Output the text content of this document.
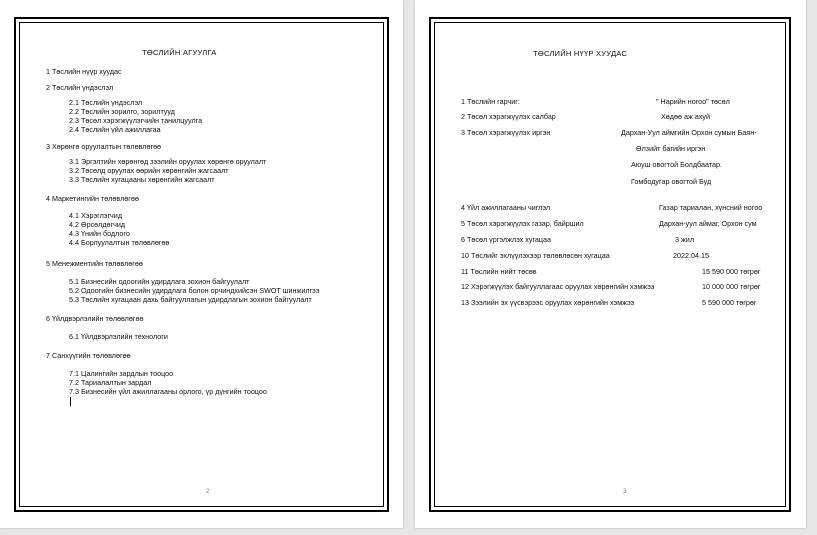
ТӨСЛИЙН АГУУЛГА
1 Төслийн нүүр хуудас
2 Төслийн үндэслэл
2.1 Төслийн үндэслэл
2.2 Төслийн зорилго, зорилтууд
2.3 Төсөл хэрэгжүүлэгчийн танилцуулга
2.4 Төслийн үйл ажиллагаа
3 Хөрөнгө оруулалтын төлөвлөгөө
3.1 Эргэлтийн хөрөнгөд зээлийн оруулах хөрөнгө оруулалт
3.2 Төсөлд оруулах өөрийн хөрөнгийн жагсаалт
3.3 Төслийн хугацааны хөрөнгийн жагсаалт
4 Маркетингийн төлөвлөгөө
4.1 Хэрэглэгчид
4.2 Өрсөлдөгчид
4.3 Үнийн бодлого
4.4 Борлуулалтын төлөвлөгөө
5 Менежментийн төлөвлөгөө
5.1 Бизнесийн одоогийн удирдлага зохион байгуулалт
5.2 Одоогийн бизнесийн удирдлага болон орчиндхийсэн SWOT шинжилгээ
5.3 Төслийн хугацаан дахь байгууллагын удирдлагын зохион байгуулалт
6 Үйлдвэрлэлийн төлөвлөгөө
6.1 Үйлдвэрлэлийн технологи
7 Санхүүгийн төлөвлөгөө
7.1 Цалингийн зардлын тооцоо
7.2 Тариалалтын зардал
7.3 Бизнесийн үйл ажиллагааны орлого, үр дүнгийн тооцоо
2
ТӨСЛИЙН НҮҮР ХУУДАС
1 Төслийн гарчиг:	" Нарийн ногоо" төсөл
2 Төсөл хэрэгжүүлэх салбар	Хөдөө аж ахуй
3 Төсөл хэрэгжүүлэх иргэн	Дархан-Уул аймгийн Орхон сумын Баян-
Өлзийт багийн иргэн
Аюуш овогтой Болдбаатар.
Гомбодугар овогтой Буд
4 Үйл ажиллагааны чиглэл	Газар тариалан, хүнсний ногоо
5 Төсөл хэрэгжүүлэх газар, байршил	Дархан-уул аймаг, Орхон сум
6 Төсөл үргэлжлэх хугацаа	3 жил
10 Төслийг эхлүүлэхээр төлөвлөсөн хугацаа	2022.04.15
11 Төслийн нийт төсөв	15 590 000 төгрөг
12 Хэрэгжүүлэх байгууллагаас оруулах хөрөнгийн хэмжээ	10 000 000 төгрөг
13 Зээлийн эх үүсвэрээс оруулах хөрөнгийн хэмжээ	5 590 000 төгрөг
3
